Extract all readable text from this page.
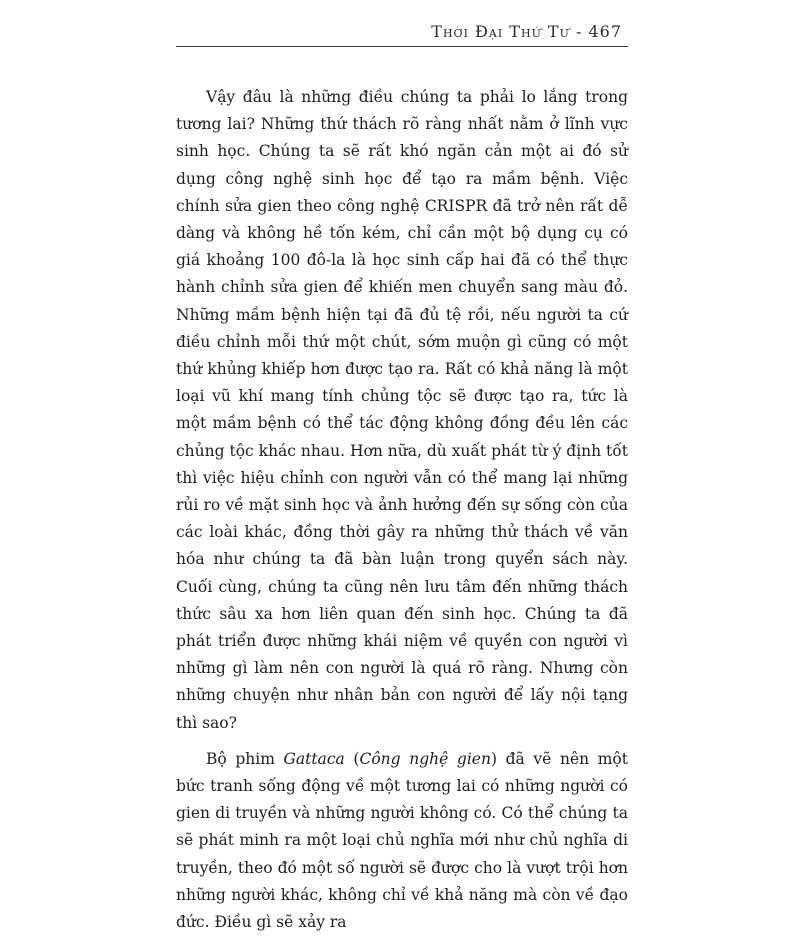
Thời Đại Thứ Tư - 467

Vậy đâu là những điều chúng ta phải lo lắng trong tương lai? Những thứ thách rõ ràng nhất nằm ở lĩnh vực sinh học. Chúng ta sẽ rất khó ngăn cản một ai đó sử dụng công nghệ sinh học để tạo ra mầm bệnh. Việc chính sửa gien theo công nghệ CRISPR đã trở nên rất dễ dàng và không hề tốn kém, chỉ cần một bộ dụng cụ có giá khoảng 100 đô-la là học sinh cấp hai đã có thể thực hành chỉnh sửa gien để khiến men chuyển sang màu đỏ. Những mầm bệnh hiện tại đã đủ tệ rồi, nếu người ta cứ điều chỉnh mỗi thứ một chút, sớm muộn gì cũng có một thứ khủng khiếp hơn được tạo ra. Rất có khả năng là một loại vũ khí mang tính chủng tộc sẽ được tạo ra, tức là một mầm bệnh có thể tác động không đồng đều lên các chủng tộc khác nhau. Hơn nữa, dù xuất phát từ ý định tốt thì việc hiệu chỉnh con người vẫn có thể mang lại những rủi ro về mặt sinh học và ảnh hưởng đến sự sống còn của các loài khác, đồng thời gây ra những thử thách về văn hóa như chúng ta đã bàn luận trong quyển sách này. Cuối cùng, chúng ta cũng nên lưu tâm đến những thách thức sâu xa hơn liên quan đến sinh học. Chúng ta đã phát triển được những khái niệm về quyền con người vì những gì làm nên con người là quá rõ ràng. Nhưng còn những chuyện như nhân bản con người để lấy nội tạng thì sao?

Bộ phim Gattaca (Công nghệ gien) đã vẽ nên một bức tranh sống động về một tương lai có những người có gien di truyền và những người không có. Có thể chúng ta sẽ phát minh ra một loại chủ nghĩa mới như chủ nghĩa di truyền, theo đó một số người sẽ được cho là vượt trội hơn những người khác, không chỉ về khả năng mà còn về đạo đức. Điều gì sẽ xảy ra
